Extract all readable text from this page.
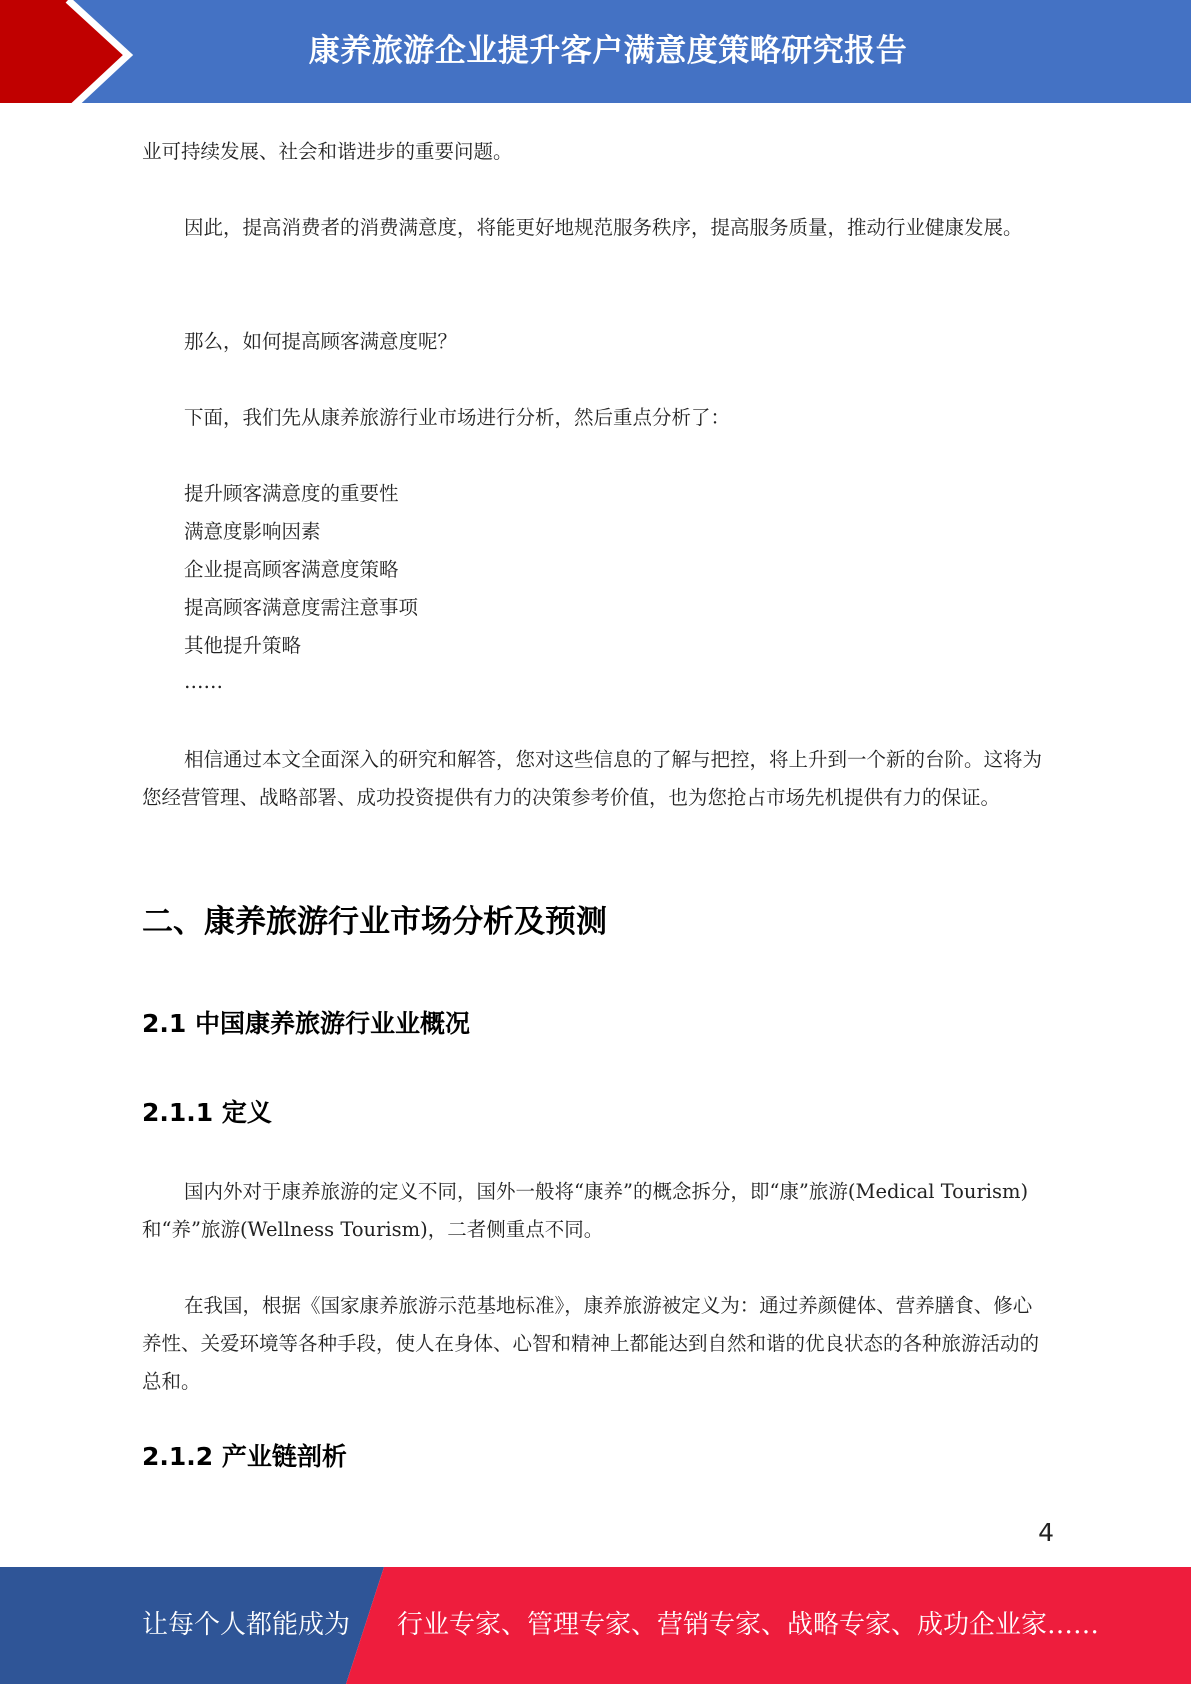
康养旅游企业提升客户满意度策略研究报告

业可持续发展、社会和谐进步的重要问题。

因此，提高消费者的消费满意度，将能更好地规范服务秩序，提高服务质量，推动行业健康发展。

那么，如何提高顾客满意度呢？

下面，我们先从康养旅游行业市场进行分析，然后重点分析了：

提升顾客满意度的重要性

满意度影响因素

企业提高顾客满意度策略

提高顾客满意度需注意事项

其他提升策略

……

相信通过本文全面深入的研究和解答，您对这些信息的了解与把控，将上升到一个新的台阶。这将为您经营管理、战略部署、成功投资提供有力的决策参考价值，也为您抢占市场先机提供有力的保证。

二、康养旅游行业市场分析及预测
2.1 中国康养旅游行业业概况
2.1.1 定义

国内外对于康养旅游的定义不同，国外一般将“康养”的概念拆分，即“康”旅游(Medical Tourism)和“养”旅游(Wellness Tourism)，二者侧重点不同。

在我国，根据《国家康养旅游示范基地标准》，康养旅游被定义为：通过养颜健体、营养膳食、修心养性、关爱环境等各种手段，使人在身体、心智和精神上都能达到自然和谐的优良状态的各种旅游活动的总和。

2.1.2 产业链剖析
4
让每个人都能成为 行业专家、管理专家、营销专家、战略专家、成功企业家……
